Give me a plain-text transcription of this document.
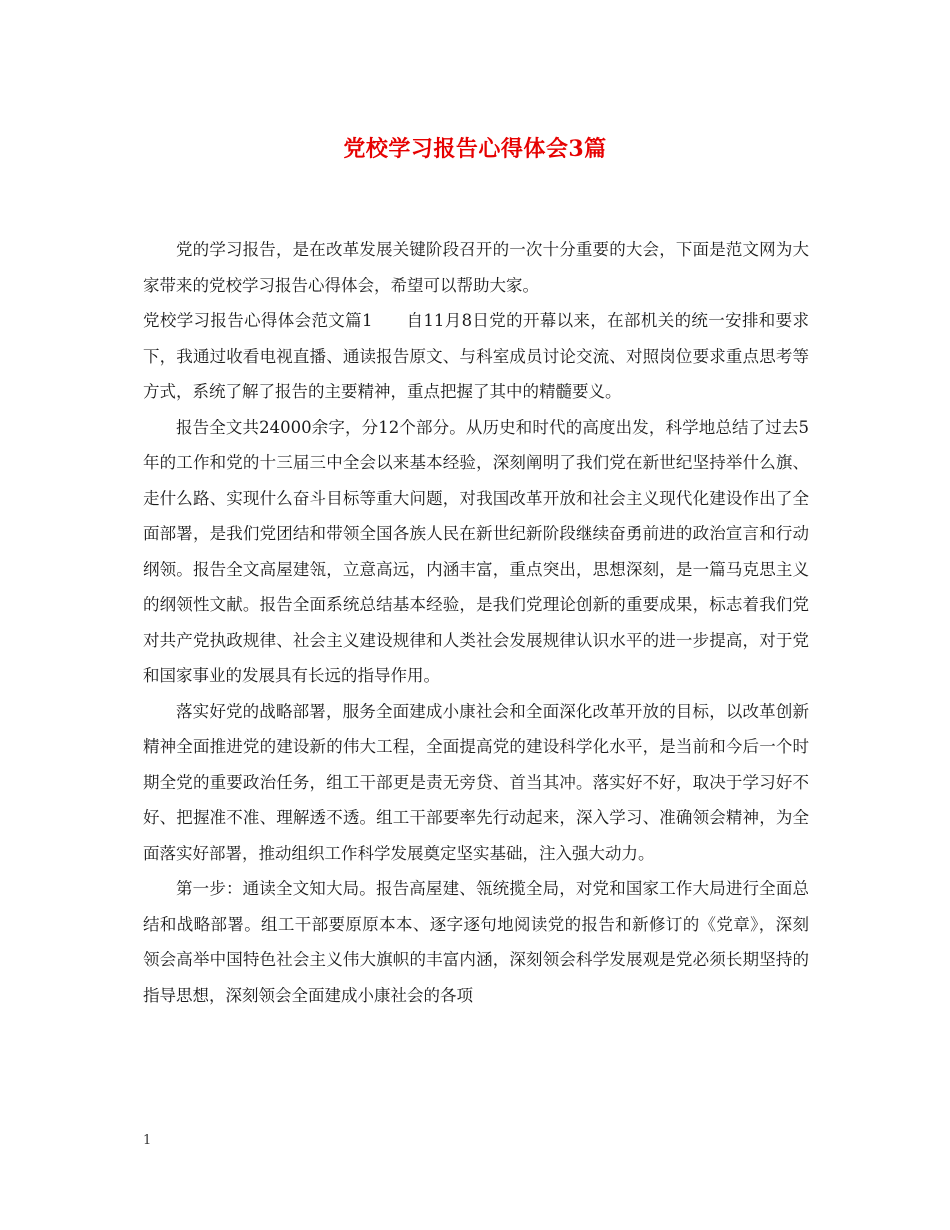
党校学习报告心得体会3篇

党的学习报告，是在改革发展关键阶段召开的一次十分重要的大会，下面是范文网为大家带来的党校学习报告心得体会，希望可以帮助大家。

党校学习报告心得体会范文篇1　　自11月8日党的开幕以来，在部机关的统一安排和要求下，我通过收看电视直播、通读报告原文、与科室成员讨论交流、对照岗位要求重点思考等方式，系统了解了报告的主要精神，重点把握了其中的精髓要义。

报告全文共24000余字，分12个部分。从历史和时代的高度出发，科学地总结了过去5年的工作和党的十三届三中全会以来基本经验，深刻阐明了我们党在新世纪坚持举什么旗、走什么路、实现什么奋斗目标等重大问题，对我国改革开放和社会主义现代化建设作出了全面部署，是我们党团结和带领全国各族人民在新世纪新阶段继续奋勇前进的政治宣言和行动纲领。报告全文高屋建瓴，立意高远，内涵丰富，重点突出，思想深刻，是一篇马克思主义的纲领性文献。报告全面系统总结基本经验，是我们党理论创新的重要成果，标志着我们党对共产党执政规律、社会主义建设规律和人类社会发展规律认识水平的进一步提高，对于党和国家事业的发展具有长远的指导作用。

落实好党的战略部署，服务全面建成小康社会和全面深化改革开放的目标，以改革创新精神全面推进党的建设新的伟大工程，全面提高党的建设科学化水平，是当前和今后一个时期全党的重要政治任务，组工干部更是责无旁贷、首当其冲。落实好不好，取决于学习好不好、把握准不准、理解透不透。组工干部要率先行动起来，深入学习、准确领会精神，为全面落实好部署，推动组织工作科学发展奠定坚实基础，注入强大动力。

第一步：通读全文知大局。报告高屋建、瓴统揽全局，对党和国家工作大局进行全面总结和战略部署。组工干部要原原本本、逐字逐句地阅读党的报告和新修订的《党章》，深刻领会高举中国特色社会主义伟大旗帜的丰富内涵，深刻领会科学发展观是党必须长期坚持的指导思想，深刻领会全面建成小康社会的各项

1
